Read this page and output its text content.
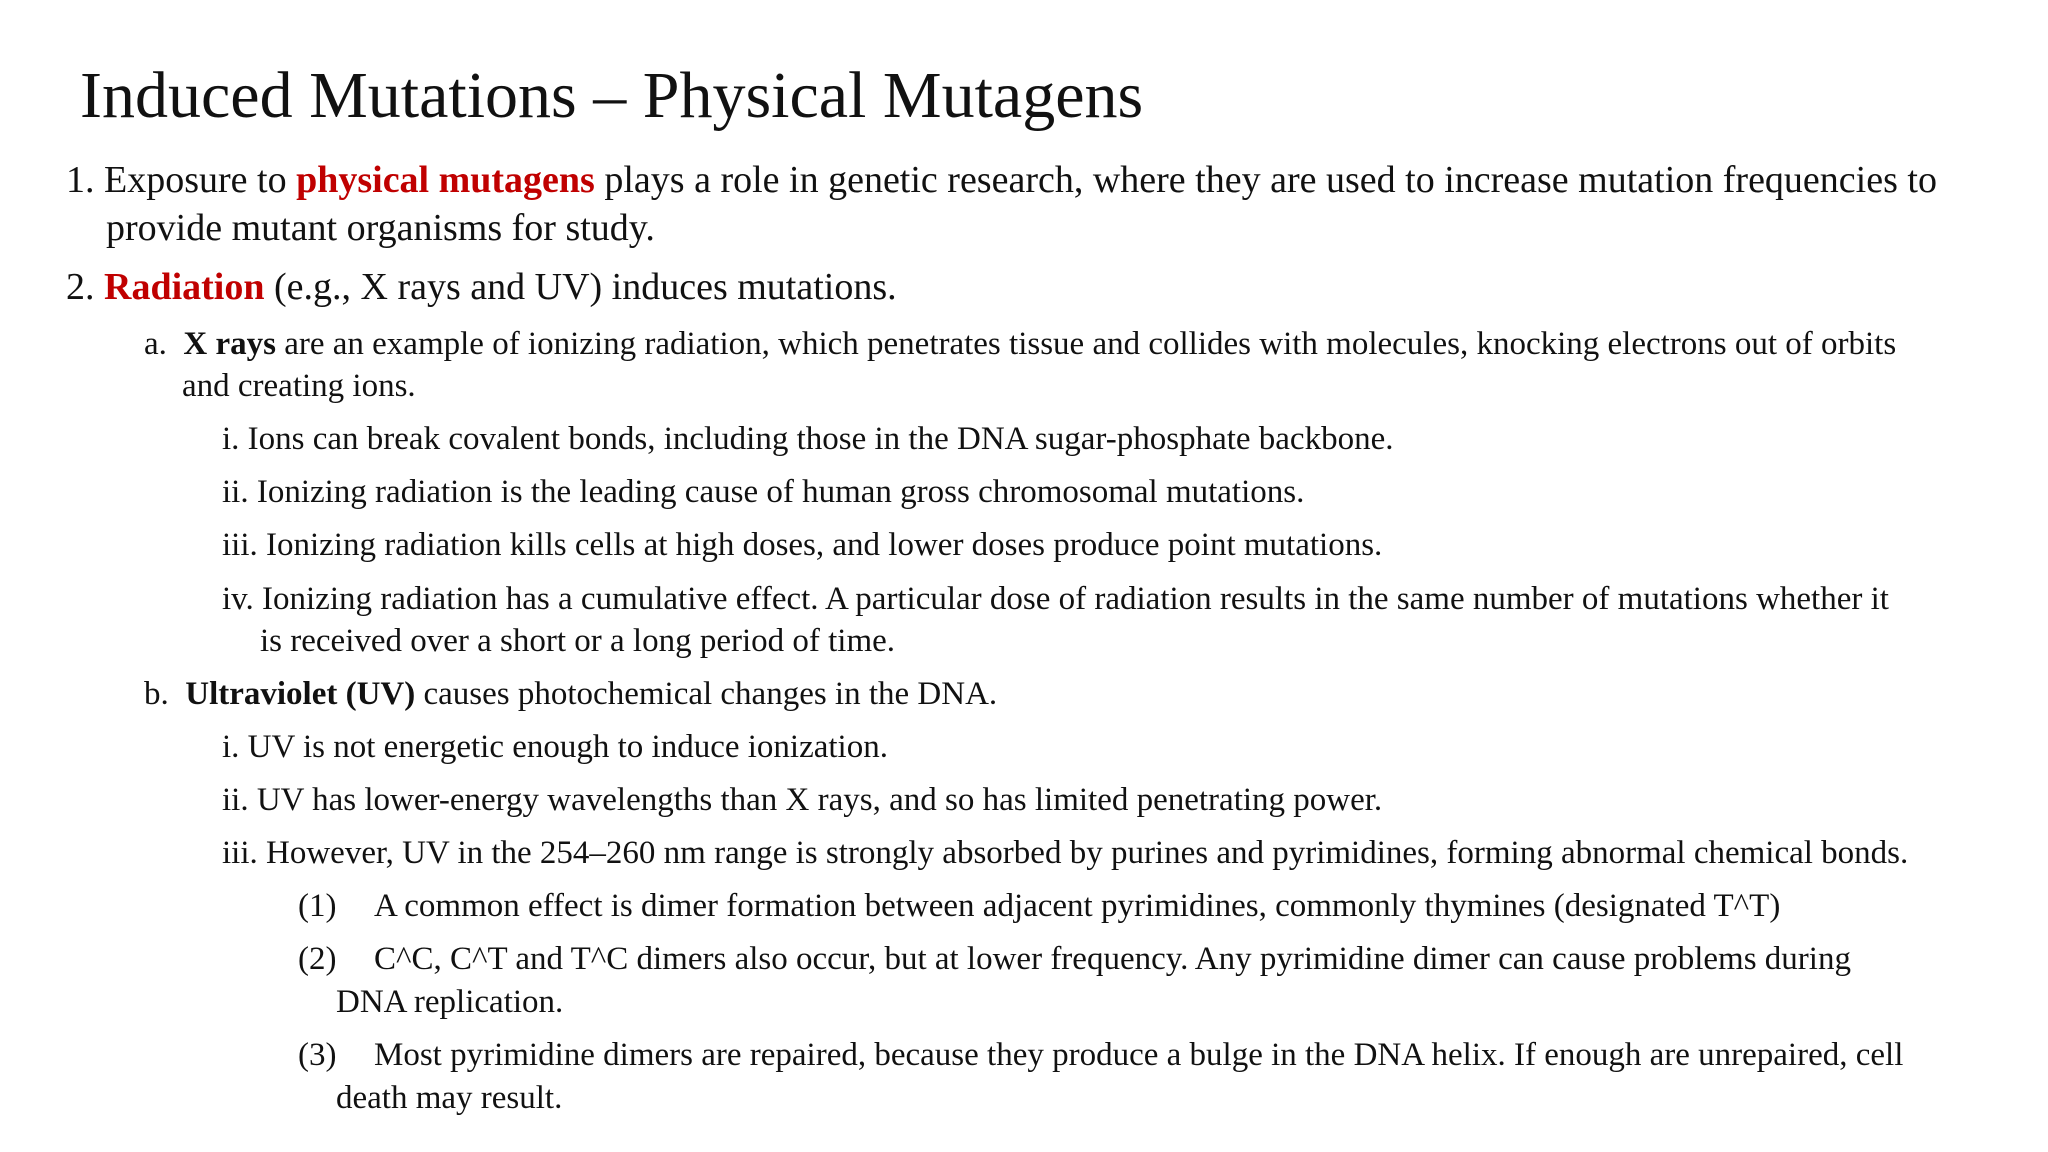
Induced Mutations – Physical Mutagens
1. Exposure to physical mutagens plays a role in genetic research, where they are used to increase mutation frequencies to
provide mutant organisms for study.
2. Radiation (e.g., X rays and UV) induces mutations.
a. X rays are an example of ionizing radiation, which penetrates tissue and collides with molecules, knocking electrons out of orbits
and creating ions.
i. Ions can break covalent bonds, including those in the DNA sugar-phosphate backbone.
ii. Ionizing radiation is the leading cause of human gross chromosomal mutations.
iii. Ionizing radiation kills cells at high doses, and lower doses produce point mutations.
iv. Ionizing radiation has a cumulative effect. A particular dose of radiation results in the same number of mutations whether it
is received over a short or a long period of time.
b. Ultraviolet (UV) causes photochemical changes in the DNA.
i. UV is not energetic enough to induce ionization.
ii. UV has lower-energy wavelengths than X rays, and so has limited penetrating power.
iii. However, UV in the 254–260 nm range is strongly absorbed by purines and pyrimidines, forming abnormal chemical bonds.
(1) A common effect is dimer formation between adjacent pyrimidines, commonly thymines (designated T^T)
(2) C^C, C^T and T^C dimers also occur, but at lower frequency. Any pyrimidine dimer can cause problems during
DNA replication.
(3) Most pyrimidine dimers are repaired, because they produce a bulge in the DNA helix. If enough are unrepaired, cell
death may result.
